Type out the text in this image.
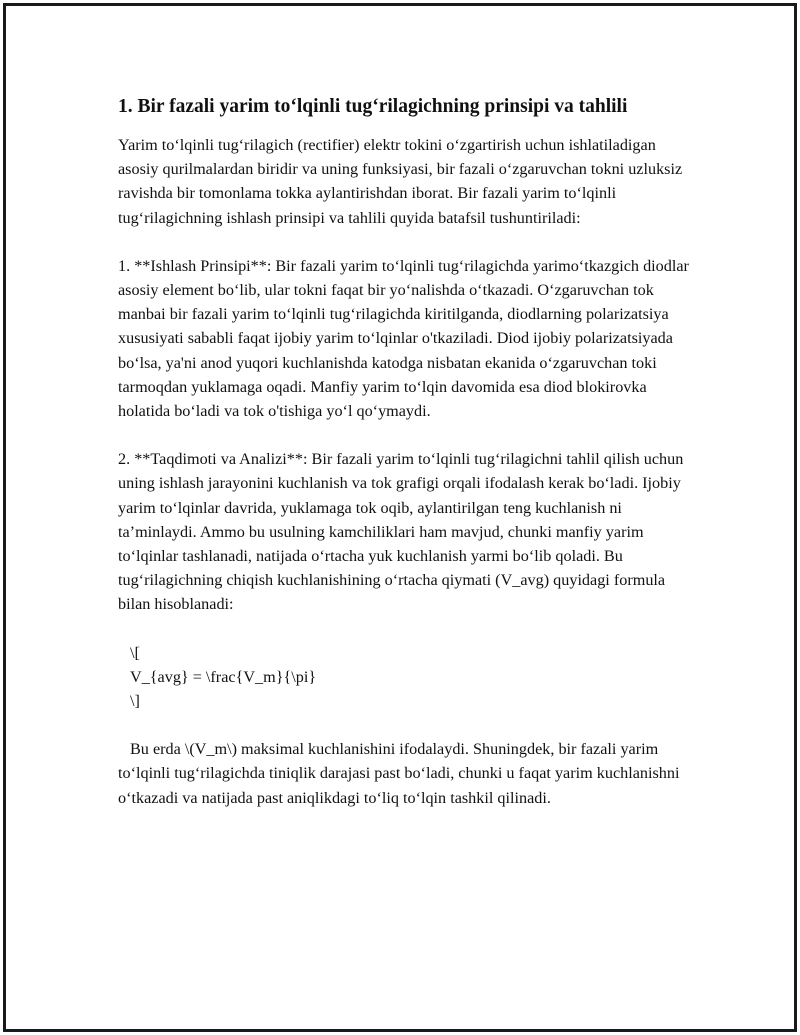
1. Bir fazali yarim to‘lqinli tug‘rilagichning prinsipi va tahlili

Yarim to‘lqinli tug‘rilagich (rectifier) elektr tokini o‘zgartirish uchun ishlatiladigan asosiy qurilmalardan biridir va uning funksiyasi, bir fazali o‘zgaruvchan tokni uzluksiz ravishda bir tomonlama tokka aylantirishdan iborat. Bir fazali yarim to‘lqinli tug‘rilagichning ishlash prinsipi va tahlili quyida batafsil tushuntiriladi:

1. **Ishlash Prinsipi**: Bir fazali yarim to‘lqinli tug‘rilagichda yarimo‘tkazgich diodlar asosiy element bo‘lib, ular tokni faqat bir yo‘nalishda o‘tkazadi. O‘zgaruvchan tok manbai bir fazali yarim to‘lqinli tug‘rilagichda kiritilganda, diodlarning polarizatsiya xususiyati sababli faqat ijobiy yarim to‘lqinlar o'tkaziladi. Diod ijobiy polarizatsiyada bo‘lsa, ya'ni anod yuqori kuchlanishda katodga nisbatan ekanida o‘zgaruvchan toki tarmoqdan yuklamaga oqadi. Manfiy yarim to‘lqin davomida esa diod blokirovka holatida bo‘ladi va tok o'tishiga yo‘l qo‘ymaydi.

2. **Taqdimoti va Analizi**: Bir fazali yarim to‘lqinli tug‘rilagichni tahlil qilish uchun uning ishlash jarayonini kuchlanish va tok grafigi orqali ifodalash kerak bo‘ladi. Ijobiy yarim to‘lqinlar davrida, yuklamaga tok oqib, aylantirilgan teng kuchlanish ni ta’minlaydi. Ammo bu usulning kamchiliklari ham mavjud, chunki manfiy yarim to‘lqinlar tashlanadi, natijada o‘rtacha yuk kuchlanish yarmi bo‘lib qoladi. Bu tug‘rilagichning chiqish kuchlanishining o‘rtacha qiymati (V_avg) quyidagi formula bilan hisoblanadi:

\[
V_{avg} = \frac{V_m}{\pi}
\]

Bu erda \(V_m\) maksimal kuchlanishini ifodalaydi. Shuningdek, bir fazali yarim to‘lqinli tug‘rilagichda tiniqlik darajasi past bo‘ladi, chunki u faqat yarim kuchlanishni o‘tkazadi va natijada past aniqlikdagi to‘liq to‘lqin tashkil qilinadi.
